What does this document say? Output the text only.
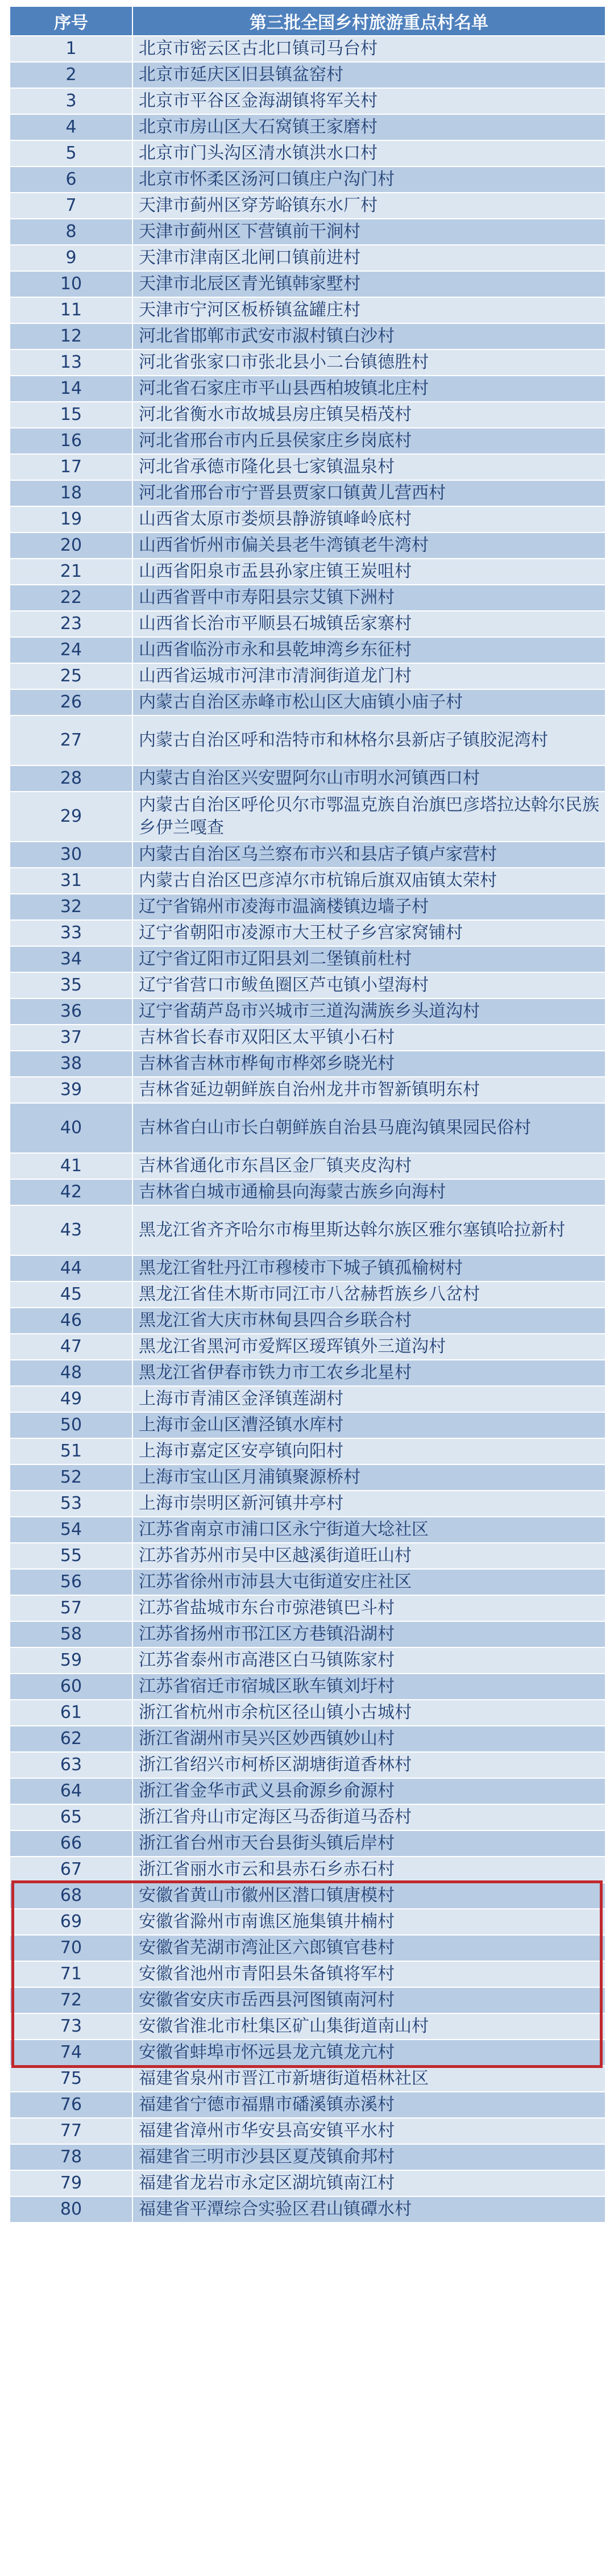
序号	第三批全国乡村旅游重点村名单
1	北京市密云区古北口镇司马台村
2	北京市延庆区旧县镇盆窑村
3	北京市平谷区金海湖镇将军关村
4	北京市房山区大石窝镇王家磨村
5	北京市门头沟区清水镇洪水口村
6	北京市怀柔区汤河口镇庄户沟门村
7	天津市蓟州区穿芳峪镇东水厂村
8	天津市蓟州区下营镇前干涧村
9	天津市津南区北闸口镇前进村
10	天津市北辰区青光镇韩家墅村
11	天津市宁河区板桥镇盆罐庄村
12	河北省邯郸市武安市淑村镇白沙村
13	河北省张家口市张北县小二台镇德胜村
14	河北省石家庄市平山县西柏坡镇北庄村
15	河北省衡水市故城县房庄镇吴梧茂村
16	河北省邢台市内丘县侯家庄乡岗底村
17	河北省承德市隆化县七家镇温泉村
18	河北省邢台市宁晋县贾家口镇黄儿营西村
19	山西省太原市娄烦县静游镇峰岭底村
20	山西省忻州市偏关县老牛湾镇老牛湾村
21	山西省阳泉市盂县孙家庄镇王炭咀村
22	山西省晋中市寿阳县宗艾镇下洲村
23	山西省长治市平顺县石城镇岳家寨村
24	山西省临汾市永和县乾坤湾乡东征村
25	山西省运城市河津市清涧街道龙门村
26	内蒙古自治区赤峰市松山区大庙镇小庙子村
27	内蒙古自治区呼和浩特市和林格尔县新店子镇胶泥湾村
28	内蒙古自治区兴安盟阿尔山市明水河镇西口村
29	内蒙古自治区呼伦贝尔市鄂温克族自治旗巴彦塔拉达斡尔民族乡伊兰嘎查
30	内蒙古自治区乌兰察布市兴和县店子镇卢家营村
31	内蒙古自治区巴彦淖尔市杭锦后旗双庙镇太荣村
32	辽宁省锦州市凌海市温滴楼镇边墙子村
33	辽宁省朝阳市凌源市大王杖子乡宫家窝铺村
34	辽宁省辽阳市辽阳县刘二堡镇前杜村
35	辽宁省营口市鲅鱼圈区芦屯镇小望海村
36	辽宁省葫芦岛市兴城市三道沟满族乡头道沟村
37	吉林省长春市双阳区太平镇小石村
38	吉林省吉林市桦甸市桦郊乡晓光村
39	吉林省延边朝鲜族自治州龙井市智新镇明东村
40	吉林省白山市长白朝鲜族自治县马鹿沟镇果园民俗村
41	吉林省通化市东昌区金厂镇夹皮沟村
42	吉林省白城市通榆县向海蒙古族乡向海村
43	黑龙江省齐齐哈尔市梅里斯达斡尔族区雅尔塞镇哈拉新村
44	黑龙江省牡丹江市穆棱市下城子镇孤榆树村
45	黑龙江省佳木斯市同江市八岔赫哲族乡八岔村
46	黑龙江省大庆市林甸县四合乡联合村
47	黑龙江省黑河市爱辉区瑷珲镇外三道沟村
48	黑龙江省伊春市铁力市工农乡北星村
49	上海市青浦区金泽镇莲湖村
50	上海市金山区漕泾镇水库村
51	上海市嘉定区安亭镇向阳村
52	上海市宝山区月浦镇聚源桥村
53	上海市崇明区新河镇井亭村
54	江苏省南京市浦口区永宁街道大埝社区
55	江苏省苏州市吴中区越溪街道旺山村
56	江苏省徐州市沛县大屯街道安庄社区
57	江苏省盐城市东台市弶港镇巴斗村
58	江苏省扬州市邗江区方巷镇沿湖村
59	江苏省泰州市高港区白马镇陈家村
60	江苏省宿迁市宿城区耿车镇刘圩村
61	浙江省杭州市余杭区径山镇小古城村
62	浙江省湖州市吴兴区妙西镇妙山村
63	浙江省绍兴市柯桥区湖塘街道香林村
64	浙江省金华市武义县俞源乡俞源村
65	浙江省舟山市定海区马岙街道马岙村
66	浙江省台州市天台县街头镇后岸村
67	浙江省丽水市云和县赤石乡赤石村
68	安徽省黄山市徽州区潜口镇唐模村
69	安徽省滁州市南谯区施集镇井楠村
70	安徽省芜湖市湾沚区六郎镇官巷村
71	安徽省池州市青阳县朱备镇将军村
72	安徽省安庆市岳西县河图镇南河村
73	安徽省淮北市杜集区矿山集街道南山村
74	安徽省蚌埠市怀远县龙亢镇龙亢村
75	福建省泉州市晋江市新塘街道梧林社区
76	福建省宁德市福鼎市磻溪镇赤溪村
77	福建省漳州市华安县高安镇平水村
78	福建省三明市沙县区夏茂镇俞邦村
79	福建省龙岩市永定区湖坑镇南江村
80	福建省平潭综合实验区君山镇磹水村
